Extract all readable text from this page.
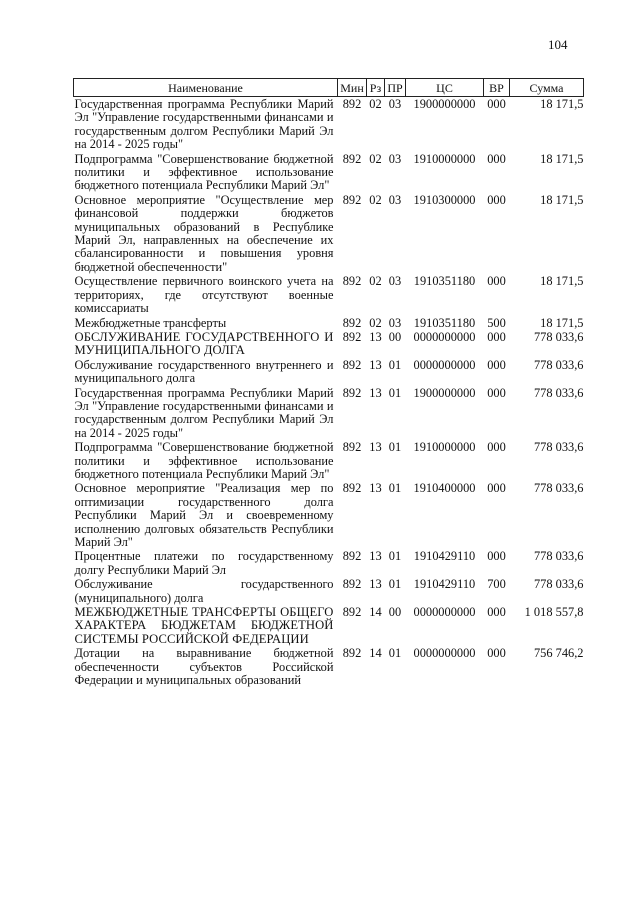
104
Наименование	Мин	Рз	ПР	ЦС	ВР	Сумма
Государственная программа Республики Марий Эл "Управление государственными финансами и государственным долгом Республики Марий Эл на 2014 - 2025 годы"	892	02	03	1900000000	000	18 171,5
Подпрограмма "Совершенствование бюджетной политики и эффективное использование бюджетного потенциала Республики Марий Эл"	892	02	03	1910000000	000	18 171,5
Основное мероприятие "Осуществление мер финансовой поддержки бюджетов муниципальных образований в Республике Марий Эл, направленных на обеспечение их сбалансированности и повышения уровня бюджетной обеспеченности"	892	02	03	1910300000	000	18 171,5
Осуществление первичного воинского учета на территориях, где отсутствуют военные комиссариаты	892	02	03	1910351180	000	18 171,5
Межбюджетные трансферты	892	02	03	1910351180	500	18 171,5
ОБСЛУЖИВАНИЕ ГОСУДАРСТВЕННОГО И МУНИЦИПАЛЬНОГО ДОЛГА	892	13	00	0000000000	000	778 033,6
Обслуживание государственного внутреннего и муниципального долга	892	13	01	0000000000	000	778 033,6
Государственная программа Республики Марий Эл "Управление государственными финансами и государственным долгом Республики Марий Эл на 2014 - 2025 годы"	892	13	01	1900000000	000	778 033,6
Подпрограмма "Совершенствование бюджетной политики и эффективное использование бюджетного потенциала Республики Марий Эл"	892	13	01	1910000000	000	778 033,6
Основное мероприятие "Реализация мер по оптимизации государственного долга Республики Марий Эл и своевременному исполнению долговых обязательств Республики Марий Эл"	892	13	01	1910400000	000	778 033,6
Процентные платежи по государственному долгу Республики Марий Эл	892	13	01	1910429110	000	778 033,6
Обслуживание государственного (муниципального) долга	892	13	01	1910429110	700	778 033,6
МЕЖБЮДЖЕТНЫЕ ТРАНСФЕРТЫ ОБЩЕГО ХАРАКТЕРА БЮДЖЕТАМ БЮДЖЕТНОЙ СИСТЕМЫ РОССИЙСКОЙ ФЕДЕРАЦИИ	892	14	00	0000000000	000	1 018 557,8
Дотации на выравнивание бюджетной обеспеченности субъектов Российской Федерации и муниципальных образований	892	14	01	0000000000	000	756 746,2
